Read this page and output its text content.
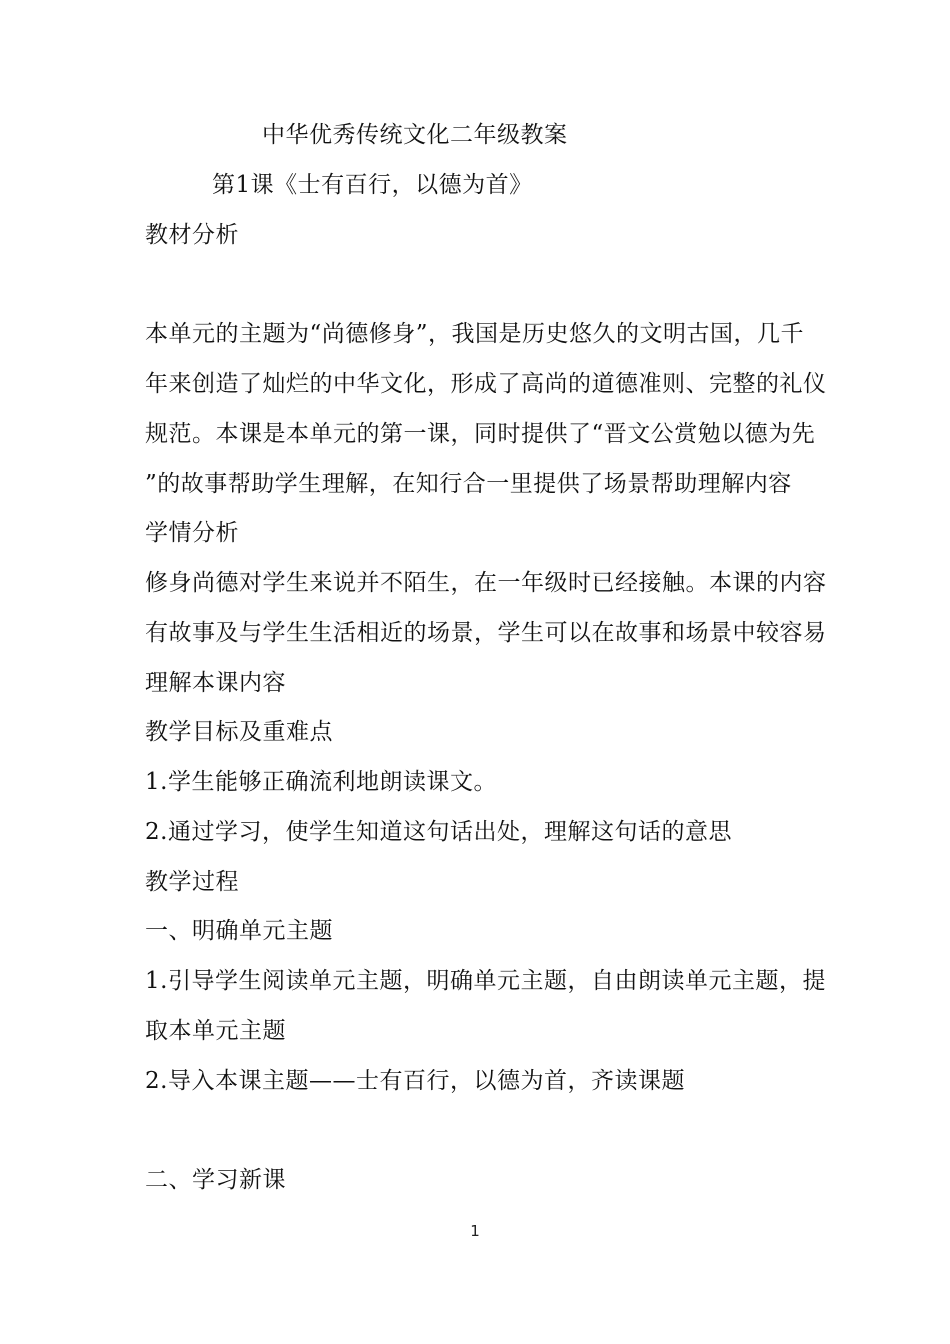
中华优秀传统文化二年级教案
第1课《士有百行，以德为首》
教材分析
本单元的主题为“尚德修身”，我国是历史悠久的文明古国，几千
年来创造了灿烂的中华文化，形成了高尚的道德准则、完整的礼仪
规范。本课是本单元的第一课，同时提供了“晋文公赏勉以德为先
”的故事帮助学生理解，在知行合一里提供了场景帮助理解内容
学情分析
修身尚德对学生来说并不陌生，在一年级时已经接触。本课的内容
有故事及与学生生活相近的场景，学生可以在故事和场景中较容易
理解本课内容
教学目标及重难点
1.学生能够正确流利地朗读课文。
2.通过学习，使学生知道这句话出处，理解这句话的意思
教学过程
一、明确单元主题
1.引导学生阅读单元主题，明确单元主题，自由朗读单元主题，提
取本单元主题
2.导入本课主题——士有百行，以德为首，齐读课题
二、学习新课
1
